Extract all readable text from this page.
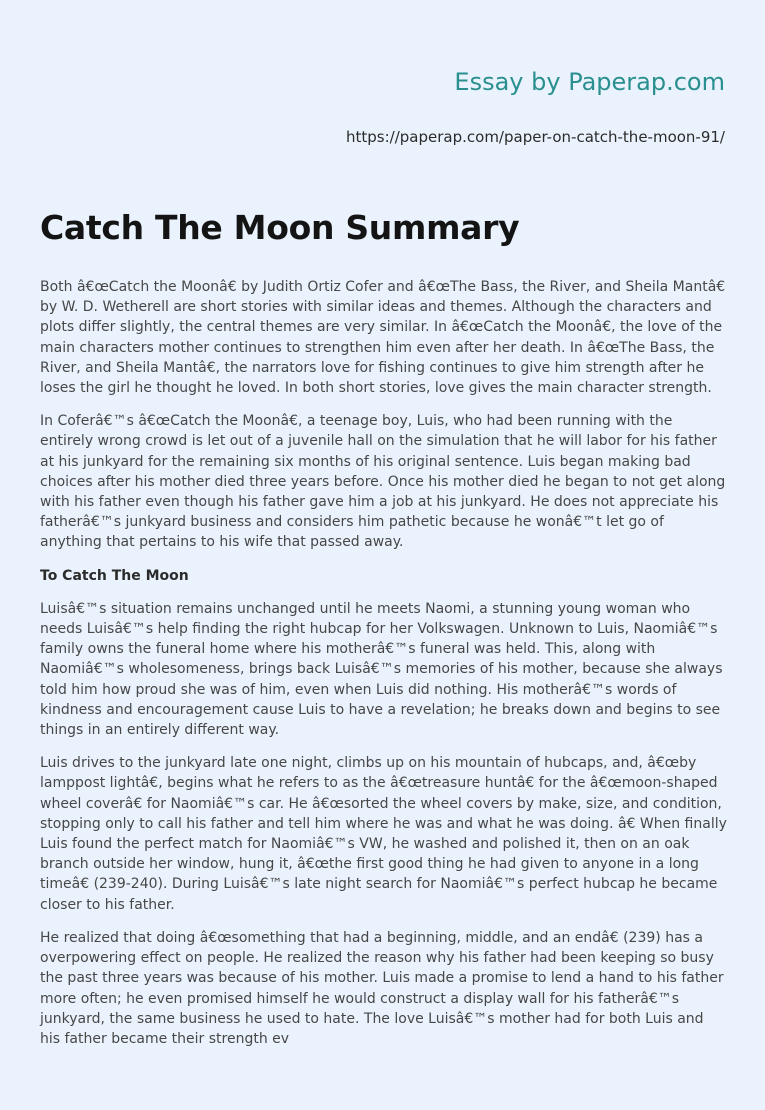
Essay by Paperap.com
https://paperap.com/paper-on-catch-the-moon-91/
Catch The Moon Summary

Both â€œCatch the Moonâ€ by Judith Ortiz Cofer and â€œThe Bass, the River, and Sheila Mantâ€ by W. D. Wetherell are short stories with similar ideas and themes. Although the characters and plots differ slightly, the central themes are very similar. In â€œCatch the Moonâ€, the love of the main characters mother continues to strengthen him even after her death. In â€œThe Bass, the River, and Sheila Mantâ€, the narrators love for fishing continues to give him strength after he loses the girl he thought he loved. In both short stories, love gives the main character strength.

In Coferâ€™s â€œCatch the Moonâ€, a teenage boy, Luis, who had been running with the entirely wrong crowd is let out of a juvenile hall on the simulation that he will labor for his father at his junkyard for the remaining six months of his original sentence. Luis began making bad choices after his mother died three years before. Once his mother died he began to not get along with his father even though his father gave him a job at his junkyard. He does not appreciate his fatherâ€™s junkyard business and considers him pathetic because he wonâ€™t let go of anything that pertains to his wife that passed away.

To Catch The Moon

Luisâ€™s situation remains unchanged until he meets Naomi, a stunning young woman who needs Luisâ€™s help finding the right hubcap for her Volkswagen. Unknown to Luis, Naomiâ€™s family owns the funeral home where his motherâ€™s funeral was held. This, along with Naomiâ€™s wholesomeness, brings back Luisâ€™s memories of his mother, because she always told him how proud she was of him, even when Luis did nothing. His motherâ€™s words of kindness and encouragement cause Luis to have a revelation; he breaks down and begins to see things in an entirely different way.

Luis drives to the junkyard late one night, climbs up on his mountain of hubcaps, and, â€œby lamppost lightâ€, begins what he refers to as the â€œtreasure huntâ€ for the â€œmoon-shaped wheel coverâ€ for Naomiâ€™s car. He â€œsorted the wheel covers by make, size, and condition, stopping only to call his father and tell him where he was and what he was doing. â€ When finally Luis found the perfect match for Naomiâ€™s VW, he washed and polished it, then on an oak branch outside her window, hung it, â€œthe first good thing he had given to anyone in a long timeâ€ (239-240). During Luisâ€™s late night search for Naomiâ€™s perfect hubcap he became closer to his father.

He realized that doing â€œsomething that had a beginning, middle, and an endâ€ (239) has a overpowering effect on people. He realized the reason why his father had been keeping so busy the past three years was because of his mother. Luis made a promise to lend a hand to his father more often; he even promised himself he would construct a display wall for his fatherâ€™s junkyard, the same business he used to hate. The love Luisâ€™s mother had for both Luis and his father became their strength ev
